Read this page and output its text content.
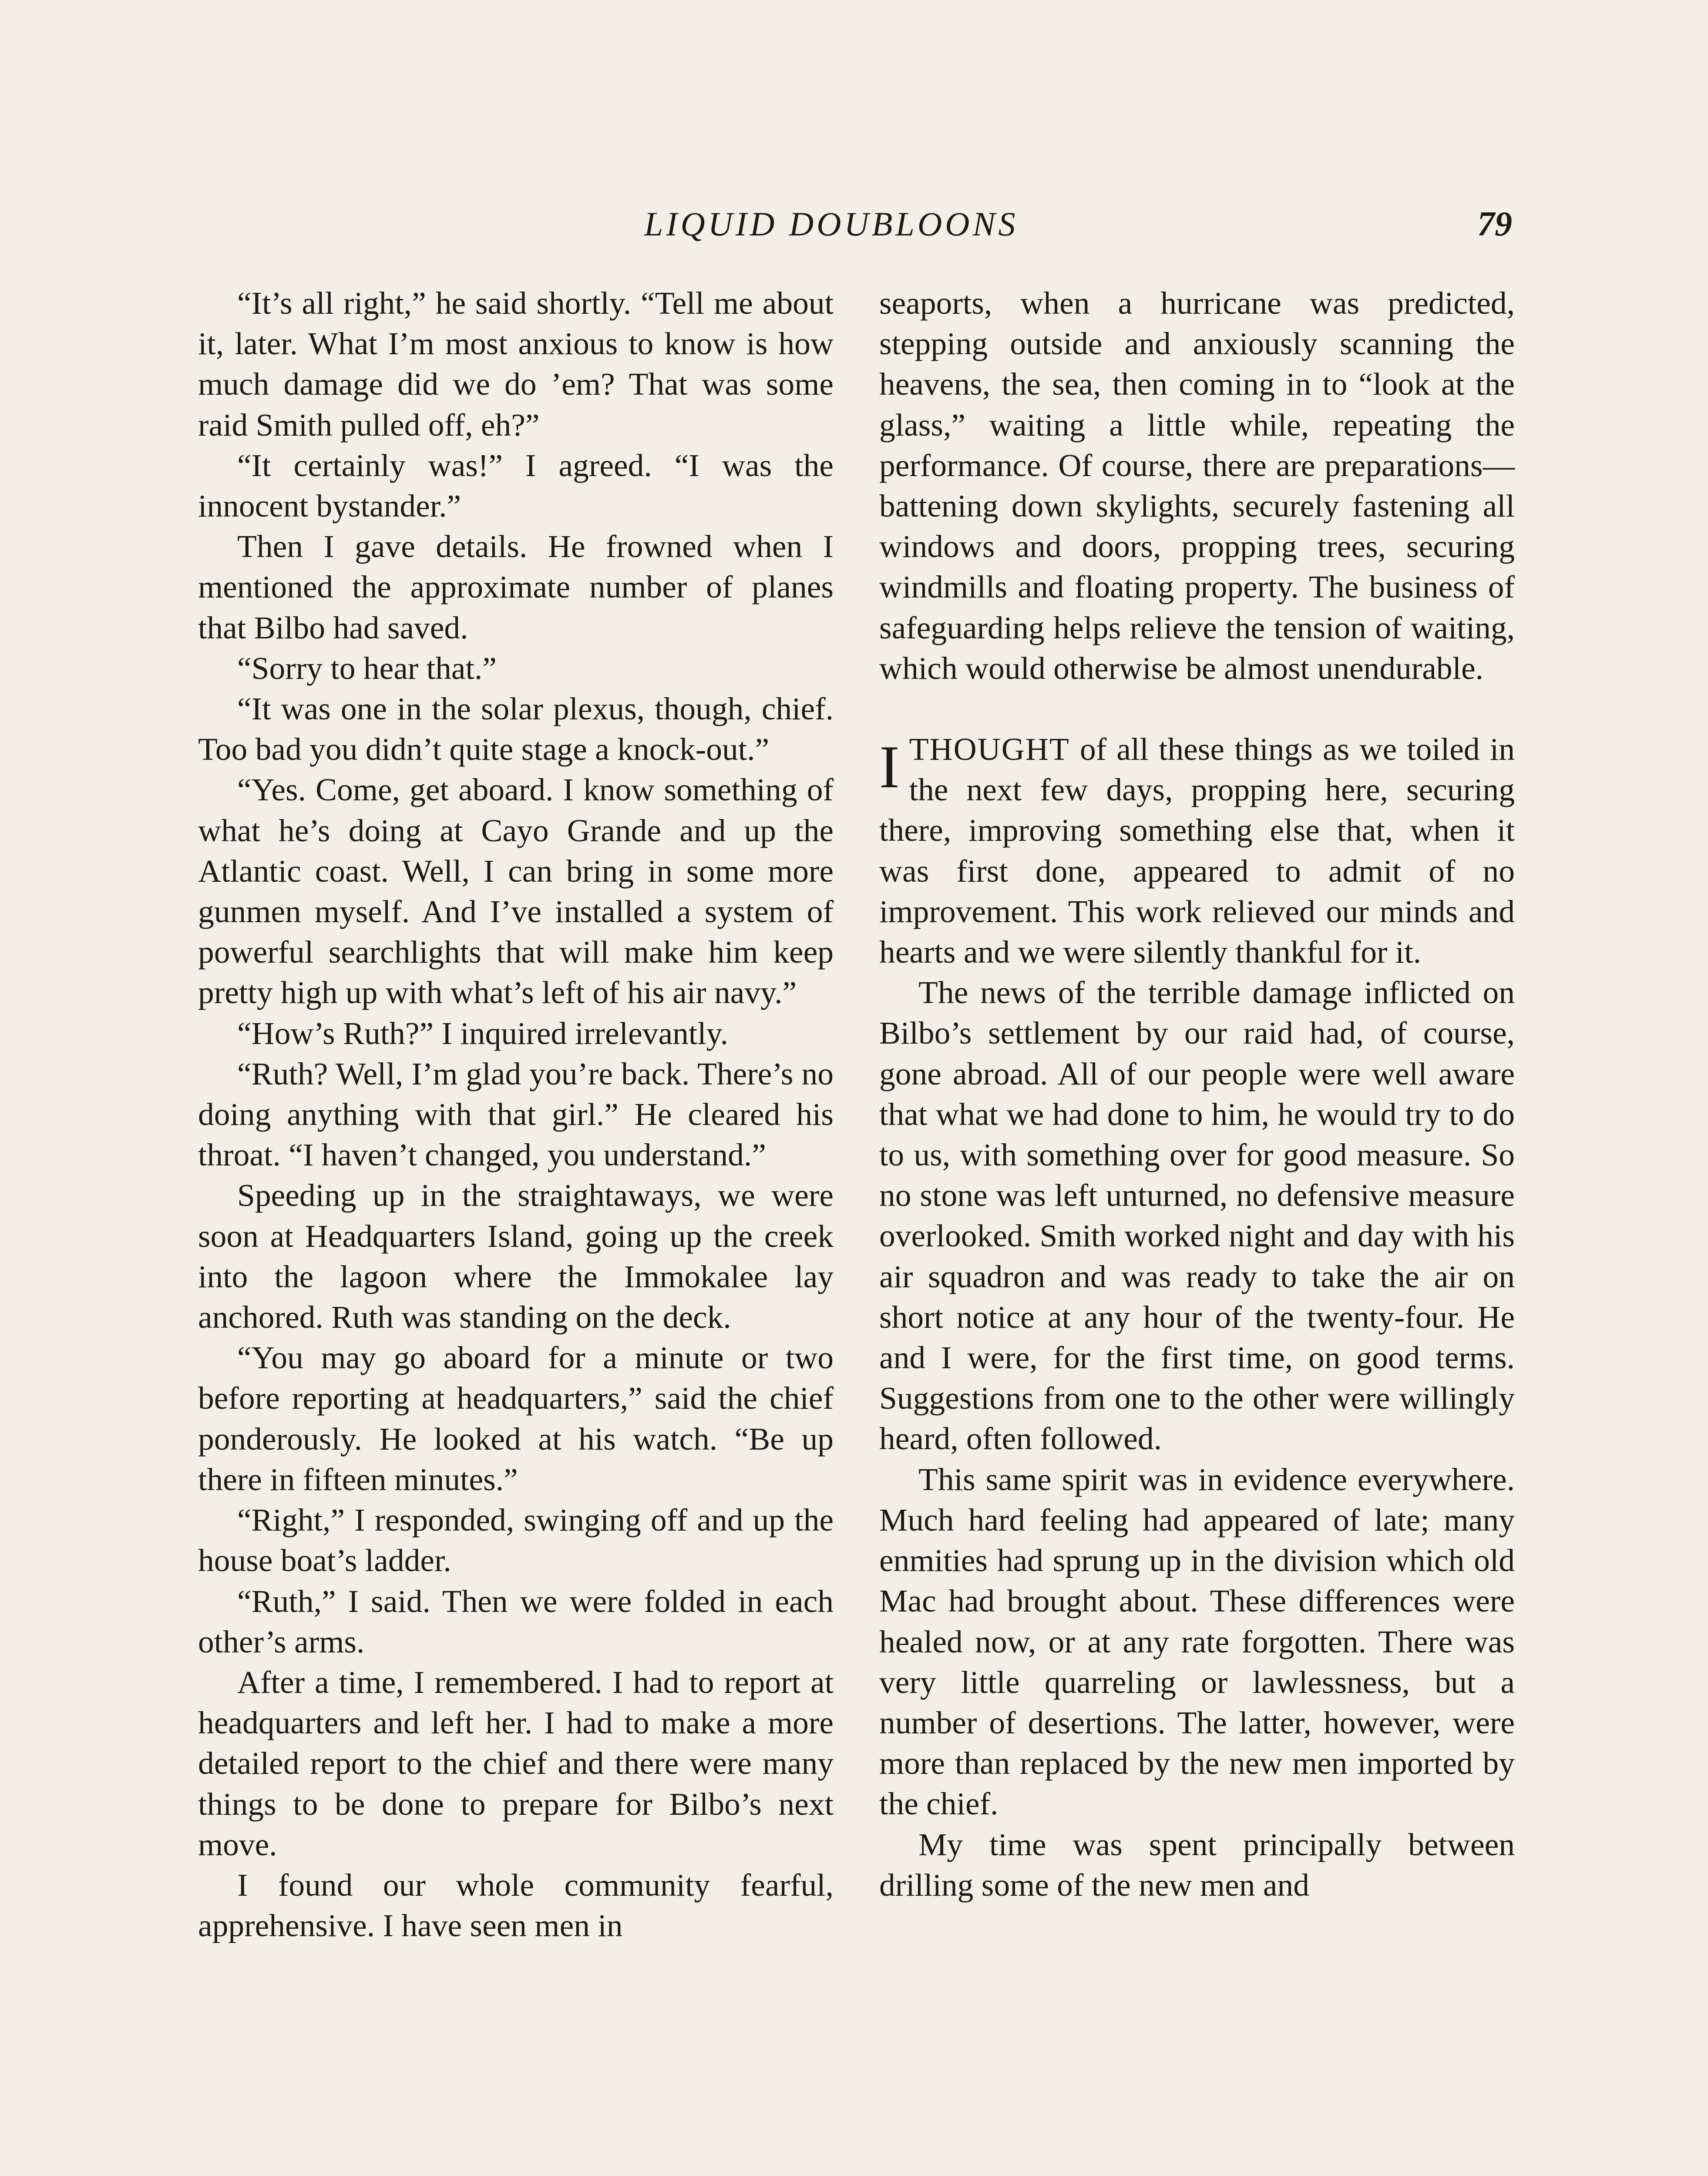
LIQUID DOUBLOONS	79

“It’s all right,” he said shortly. “Tell me about it, later. What I’m most anxious to know is how much damage did we do ’em? That was some raid Smith pulled off, eh?”

“It certainly was!” I agreed. “I was the innocent bystander.”

Then I gave details. He frowned when I mentioned the approximate number of planes that Bilbo had saved.

“Sorry to hear that.”

“It was one in the solar plexus, though, chief. Too bad you didn’t quite stage a knock-out.”

“Yes. Come, get aboard. I know something of what he’s doing at Cayo Grande and up the Atlantic coast. Well, I can bring in some more gunmen myself. And I’ve installed a system of powerful searchlights that will make him keep pretty high up with what’s left of his air navy.”

“How’s Ruth?” I inquired irrelevantly.

“Ruth? Well, I’m glad you’re back. There’s no doing anything with that girl.” He cleared his throat. “I haven’t changed, you understand.”

Speeding up in the straightaways, we were soon at Headquarters Island, going up the creek into the lagoon where the Immokalee lay anchored. Ruth was standing on the deck.

“You may go aboard for a minute or two before reporting at headquarters,” said the chief ponderously. He looked at his watch. “Be up there in fifteen minutes.”

“Right,” I responded, swinging off and up the house boat’s ladder.

“Ruth,” I said. Then we were folded in each other’s arms.

After a time, I remembered. I had to report at headquarters and left her. I had to make a more detailed report to the chief and there were many things to be done to prepare for Bilbo’s next move.

I found our whole community fearful, apprehensive. I have seen men in

seaports, when a hurricane was predicted, stepping outside and anxiously scanning the heavens, the sea, then coming in to “look at the glass,” waiting a little while, repeating the performance. Of course, there are preparations—battening down skylights, securely fastening all windows and doors, propping trees, securing windmills and floating property. The business of safeguarding helps relieve the tension of waiting, which would otherwise be almost unendurable.

ITHOUGHT of all these things as we toiled in the next few days, propping here, securing there, improving something else that, when it was first done, appeared to admit of no improvement. This work relieved our minds and hearts and we were silently thankful for it.

The news of the terrible damage inflicted on Bilbo’s settlement by our raid had, of course, gone abroad. All of our people were well aware that what we had done to him, he would try to do to us, with something over for good measure. So no stone was left unturned, no defensive measure overlooked. Smith worked night and day with his air squadron and was ready to take the air on short notice at any hour of the twenty-four. He and I were, for the first time, on good terms. Suggestions from one to the other were willingly heard, often followed.

This same spirit was in evidence everywhere. Much hard feeling had appeared of late; many enmities had sprung up in the division which old Mac had brought about. These differences were healed now, or at any rate forgotten. There was very little quarreling or lawlessness, but a number of desertions. The latter, however, were more than replaced by the new men imported by the chief.

My time was spent principally between drilling some of the new men and
